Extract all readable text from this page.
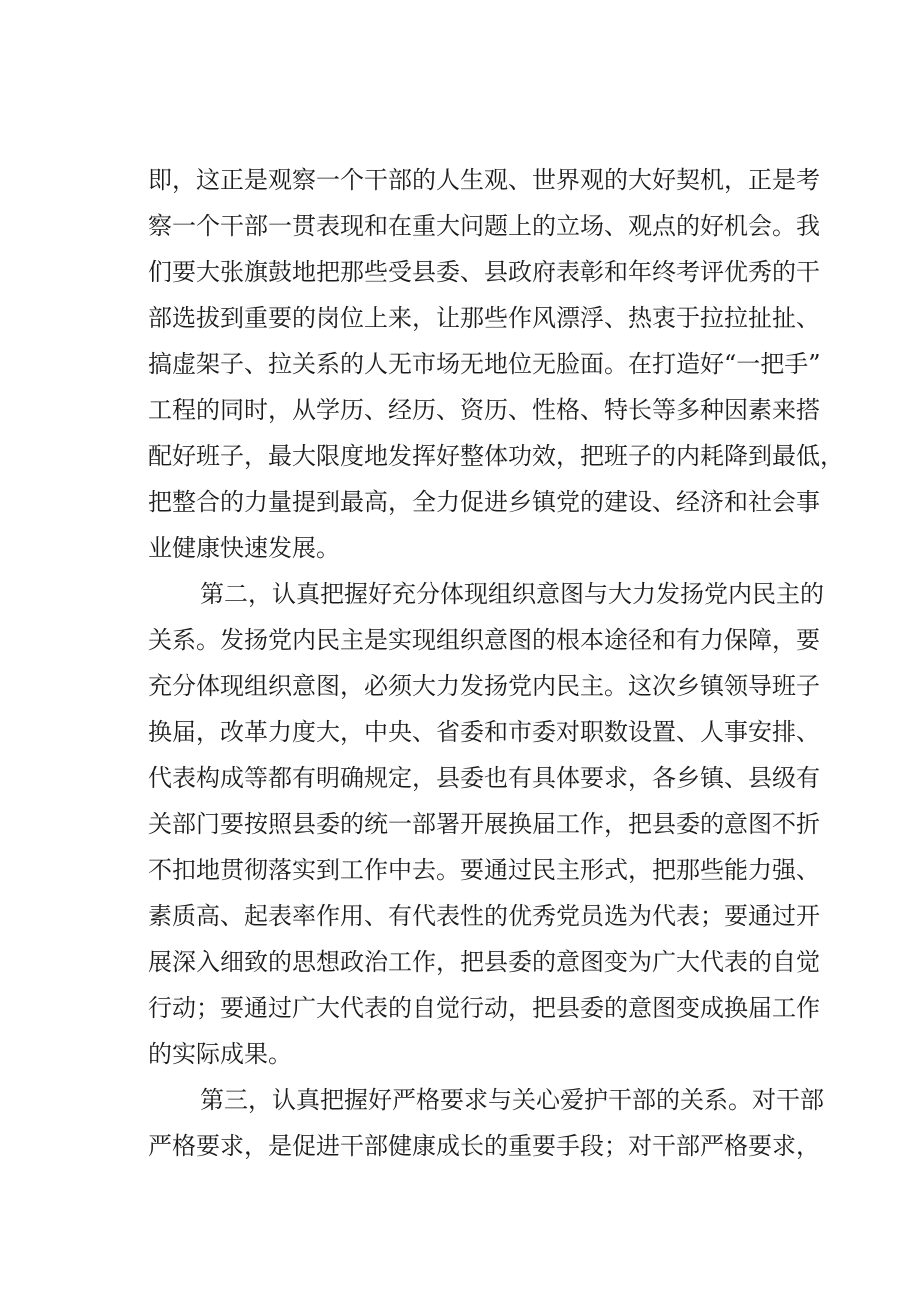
即，这正是观察一个干部的人生观、世界观的大好契机，正是考
察一个干部一贯表现和在重大问题上的立场、观点的好机会。我
们要大张旗鼓地把那些受县委、县政府表彰和年终考评优秀的干
部选拔到重要的岗位上来，让那些作风漂浮、热衷于拉拉扯扯、
搞虚架子、拉关系的人无市场无地位无脸面。在打造好“一把手”
工程的同时，从学历、经历、资历、性格、特长等多种因素来搭
配好班子，最大限度地发挥好整体功效，把班子的内耗降到最低，
把整合的力量提到最高，全力促进乡镇党的建设、经济和社会事
业健康快速发展。
第二，认真把握好充分体现组织意图与大力发扬党内民主的
关系。发扬党内民主是实现组织意图的根本途径和有力保障，要
充分体现组织意图，必须大力发扬党内民主。这次乡镇领导班子
换届，改革力度大，中央、省委和市委对职数设置、人事安排、
代表构成等都有明确规定，县委也有具体要求，各乡镇、县级有
关部门要按照县委的统一部署开展换届工作，把县委的意图不折
不扣地贯彻落实到工作中去。要通过民主形式，把那些能力强、
素质高、起表率作用、有代表性的优秀党员选为代表；要通过开
展深入细致的思想政治工作，把县委的意图变为广大代表的自觉
行动；要通过广大代表的自觉行动，把县委的意图变成换届工作
的实际成果。
第三，认真把握好严格要求与关心爱护干部的关系。对干部
严格要求，是促进干部健康成长的重要手段；对干部严格要求，
